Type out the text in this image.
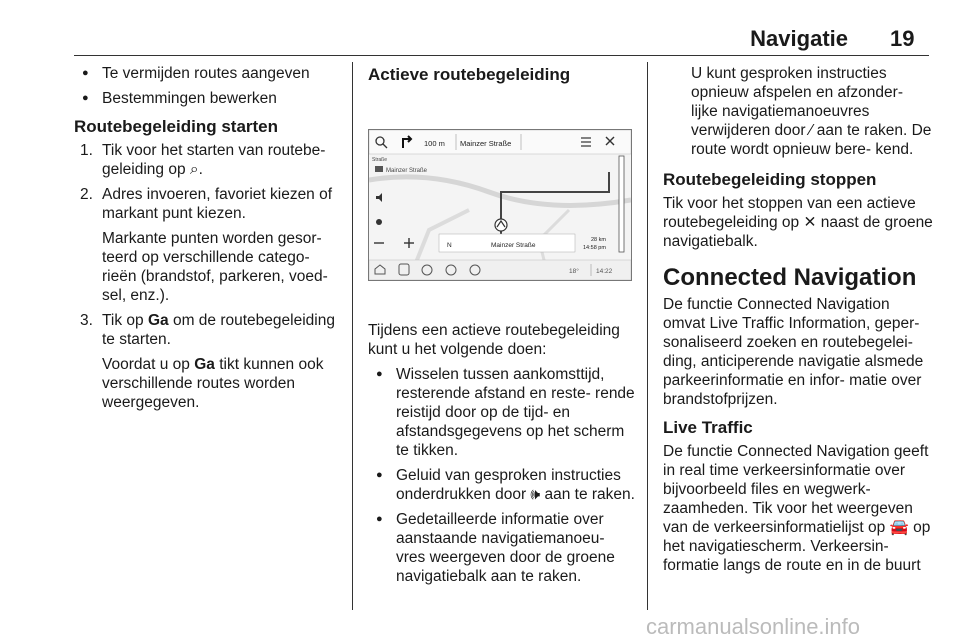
Navigatie 19

● Te vermijden routes aangeven

● Bestemmingen bewerken

Routebegeleiding starten

1. Tik voor het starten van routebe- geleiding op ⌕.

2. Adres invoeren, favoriet kiezen of markant punt kiezen.

Markante punten worden gesor- teerd op verschillende catego- rieën (brandstof, parkeren, voed- sel, enz.).

3. Tik op Ga om de routebegeleiding te starten.

Voordat u op Ga tikt kunnen ook verschillende routes worden weergegeven.

Actieve routebegeleiding

100 m Mainzer Straße
Straße
Mainzer Straße
N	Mainzer Straße
28 km
14:58 pm
18°	14:22

Tijdens een actieve routebegeleiding kunt u het volgende doen:

● Wisselen tussen aankomsttijd, resterende afstand en reste- rende reistijd door op de tijd- en afstandsgegevens op het scherm te tikken.

● Geluid van gesproken instructies onderdrukken door 🕪 aan te raken.

● Gedetailleerde informatie over aanstaande navigatiemanoeu- vres weergeven door de groene navigatiebalk aan te raken.

U kunt gesproken instructies opnieuw afspelen en afzonder- lijke navigatiemanoeuvres verwijderen door ⁄ aan te raken. De route wordt opnieuw bere- kend.

Routebegeleiding stoppen

Tik voor het stoppen van een actieve routebegeleiding op ✕ naast de groene navigatiebalk.

Connected Navigation

De functie Connected Navigation omvat Live Traffic Information, geper- sonaliseerd zoeken en routebegelei- ding, anticiperende navigatie alsmede parkeerinformatie en infor- matie over brandstofprijzen.

Live Traffic

De functie Connected Navigation geeft in real time verkeersinformatie over bijvoorbeeld files en wegwerk- zaamheden. Tik voor het weergeven van de verkeersinformatielijst op 🚘 op het navigatiescherm. Verkeersin- formatie langs de route en in de buurt

carmanualsonline.info
